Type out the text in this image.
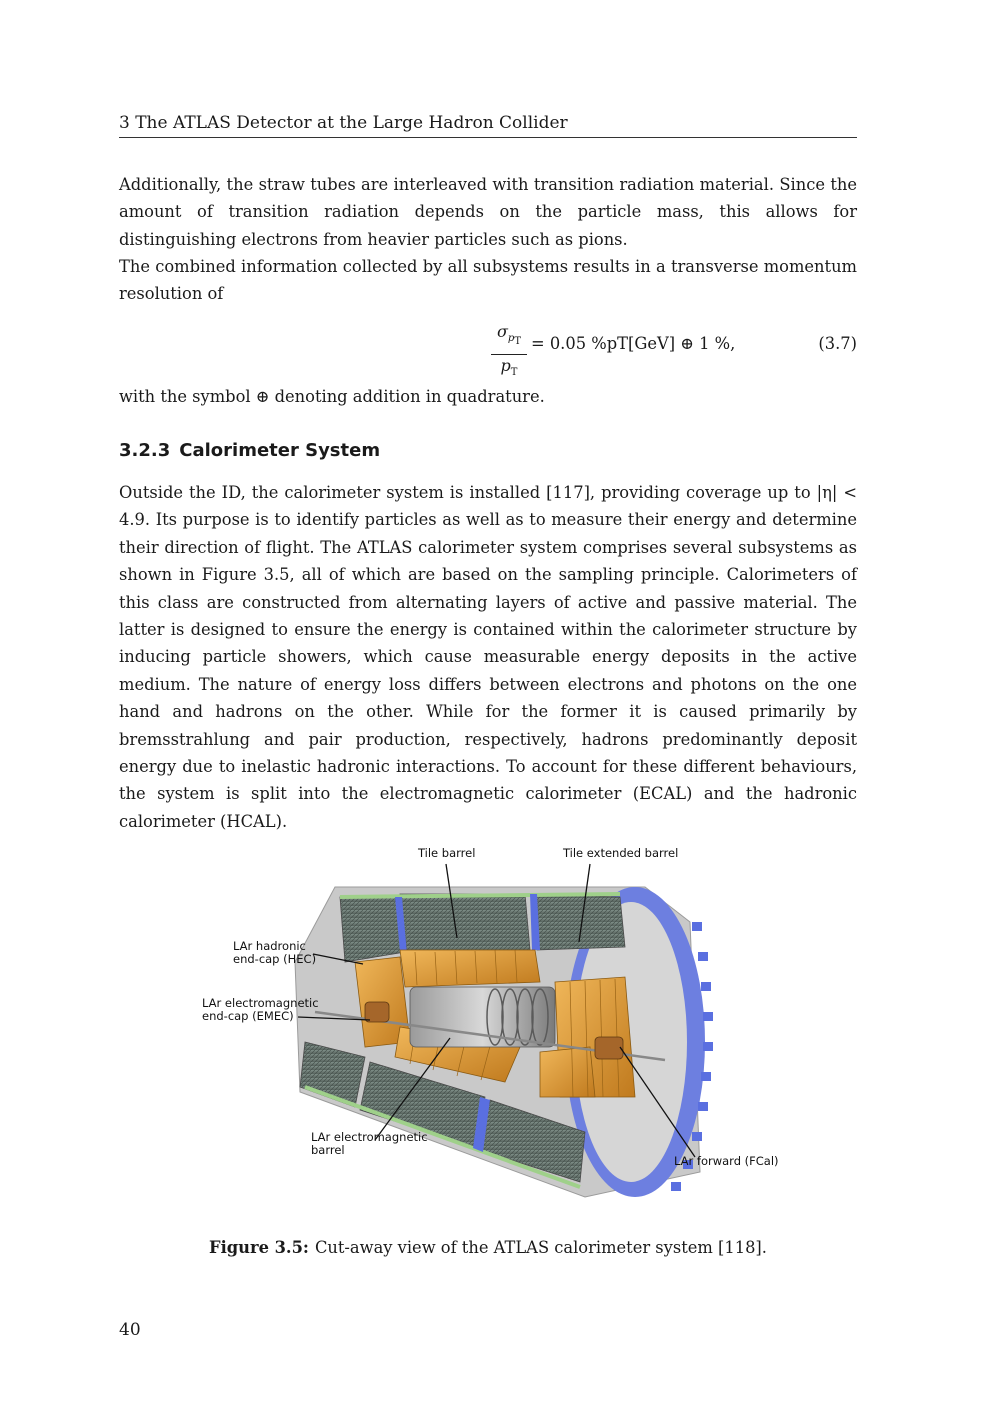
3 The ATLAS Detector at the Large Hadron Collider

Additionally, the straw tubes are interleaved with transition radiation material. Since the amount of transition radiation depends on the particle mass, this allows for distinguishing electrons from heavier particles such as pions.

The combined information collected by all subsystems results in a transverse momentum resolution of

$\sigma_{p_T}$
$p_T$
= 0.05 %pT[GeV] ⊕ 1 %,	(3.7)

with the symbol ⊕ denoting addition in quadrature.

3.2.3 Calorimeter System

Outside the ID, the calorimeter system is installed [117], providing coverage up to |η| < 4.9. Its purpose is to identify particles as well as to measure their energy and determine their direction of flight. The ATLAS calorimeter system comprises several subsystems as shown in Figure 3.5, all of which are based on the sampling principle. Calorimeters of this class are constructed from alternating layers of active and passive material. The latter is designed to ensure the energy is contained within the calorimeter structure by inducing particle showers, which cause measurable energy deposits in the active medium. The nature of energy loss differs between electrons and photons on the one hand and hadrons on the other. While for the former it is caused primarily by bremsstrahlung and pair production, respectively, hadrons predominantly deposit energy due to inelastic hadronic interactions. To account for these different behaviours, the system is split into the electromagnetic calorimeter (ECAL) and the hadronic calorimeter (HCAL).

Tile barrel	Tile extended barrel
LAr hadronic
end-cap (HEC)
LAr electromagnetic
end-cap (EMEC)
LAr electromagnetic
barrel
LAr forward (FCal)
Figure 3.5: Cut-away view of the ATLAS calorimeter system [118].
40
